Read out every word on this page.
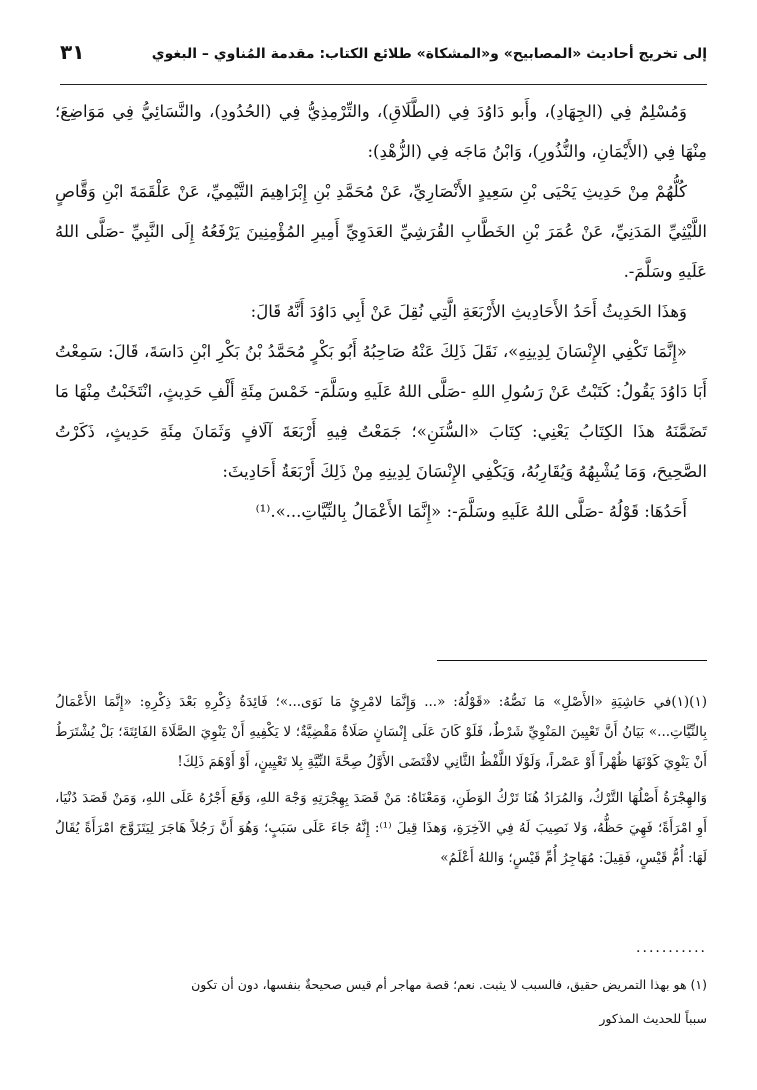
إلى تخريج أحاديث «المصابيح» و«المشكاة» طلائع الكتاب: مقدمة المُناوي – البغوي
٣١

وَمُسْلِمٌ فِي (الجِهَادِ)، وأَبو دَاوُدَ فِي (الطَّلَاقِ)، والتِّرْمِذِيُّ فِي (الحُدُودِ)، والنَّسَائِيُّ فِي مَوَاضِعَ؛ مِنْهَا فِي (الأَيْمَانِ، والنُّذُورِ)، وَابْنُ مَاجَه فِي (الزُّهْدِ):

كُلُّهُمْ مِنْ حَدِيثِ يَحْيَى بْنِ سَعِيدٍ الأَنْصَارِيِّ، عَنْ مُحَمَّدِ بْنِ إِبْرَاهِيمَ التَّيْمِيِّ، عَنْ عَلْقَمَةَ ابْنِ وَقَّاصٍ اللَّيْثِيِّ المَدَنِيِّ، عَنْ عُمَرَ بْنِ الخَطَّابِ القُرَشِيِّ العَدَوِيِّ أَمِيرِ المُؤْمِنِينَ يَرْفَعُهُ إِلَى النَّبِيِّ -صَلَّى اللهُ عَلَيهِ وسَلَّمَ-.

وَهذَا الحَدِيثُ أَحَدُ الأَحَادِيثِ الأَرْبَعَةِ الَّتِي نُقِلَ عَنْ أَبِي دَاوُدَ أَنَّهُ قَالَ:

«إِنَّمَا تَكْفِي الإِنْسَانَ لِدِينِهِ»، نَقَلَ ذَلِكَ عَنْهُ صَاحِبُهُ أَبُو بَكْرٍ مُحَمَّدُ بْنُ بَكْرِ ابْنِ دَاسَةَ، قَالَ: سَمِعْتُ أَبَا دَاوُدَ يَقُولُ: كَتَبْتُ عَنْ رَسُولِ اللهِ -صَلَّى اللهُ عَلَيهِ وسَلَّمَ- خَمْسَ مِئَةِ أَلْفِ حَدِيثٍ، انْتَخَبْتُ مِنْهَا مَا تَضَمَّنَهُ هذَا الكِتَابُ يَعْنِي: كِتَابَ «السُّنَنِ»؛ جَمَعْتُ فِيهِ أَرْبَعَةَ آلَافٍ وَثَمَانَ مِئَةِ حَدِيثٍ، ذَكَرْتُ الصَّحِيحَ، وَمَا يُشْبِهُهُ وَيُقَارِبُهُ، وَيَكْفِي الإِنْسَانَ لِدِينِهِ مِنْ ذَلِكَ أَرْبَعَةُ أَحَادِيثَ:

أَحَدُهَا: قَوْلُهُ -صَلَّى اللهُ عَلَيهِ وسَلَّمَ-: «إِنَّمَا الأَعْمَالُ بِالنِّيَّاتِ...».⁽¹⁾

(١)(١)في حَاشِيَةِ «الأَصْلِ» مَا نَصُّهُ: «قَوْلُهُ: «... وَإِنَّمَا لامْرِئٍ مَا نَوَى...»؛ فَائِدَةُ ذِكْرِهِ بَعْدَ ذِكْرِهِ: «إِنَّمَا الأَعْمَالُ بِالنِّيَّاتِ...» بَيَانُ أَنَّ تَعْيِينَ المَنْوِيِّ شَرْطٌ، فَلَوْ كَانَ عَلَى إِنْسَانٍ صَلَاةٌ مَقْضِيَّةٌ؛ لا يَكْفِيهِ أَنْ يَنْوِيَ الصَّلَاةَ الفَائِتَةَ؛ بَلْ يُشْتَرَطُ أَنْ يَنْوِيَ كَوْنَهَا ظُهْراً أَوْ عَصْراً، وَلَوْلَا اللَّفْظُ الثَّانِي لاقْتَضَى الأَوَّلُ صِحَّةَ النِّيَّةِ بِلا تَعْيِينٍ، أَوْ أَوْهَمَ ذَلِكَ!

وَالهِجْرَةُ أَصْلُهَا التَّرْكُ، وَالمُرَادُ هُنَا تَرْكُ الوَطَنِ، وَمَعْنَاهُ: مَنْ قَصَدَ بِهِجْرَتِهِ وَجْهَ اللهِ، وَقَعَ أَجْرُهُ عَلَى اللهِ، وَمَنْ قَصَدَ دُنْيَا، أَوِ امْرَأَةً؛ فَهِيَ حَظُّهُ، وَلا نَصِيبَ لَهُ فِي الآخِرَةِ، وَهذَا قِيلَ ⁽¹⁾: إِنَّهُ جَاءَ عَلَى سَبَبٍ؛ وَهُوَ أَنَّ رَجُلاً هَاجَرَ لِيَتَزَوَّجَ امْرَأَةً يُقَالُ لَهَا: أُمُّ قَيْسٍ، فَقِيلَ: مُهَاجِرُ أُمِّ قَيْسٍ؛ وَاللهُ أَعْلَمُ»

...........

(١) هو بهذا التمريض حقيق، فالسبب لا يثبت. نعم؛ قصة مهاجر أم قيس صحيحةٌ بنفسها، دون أن تكون

سبباً للحديث المذكور
